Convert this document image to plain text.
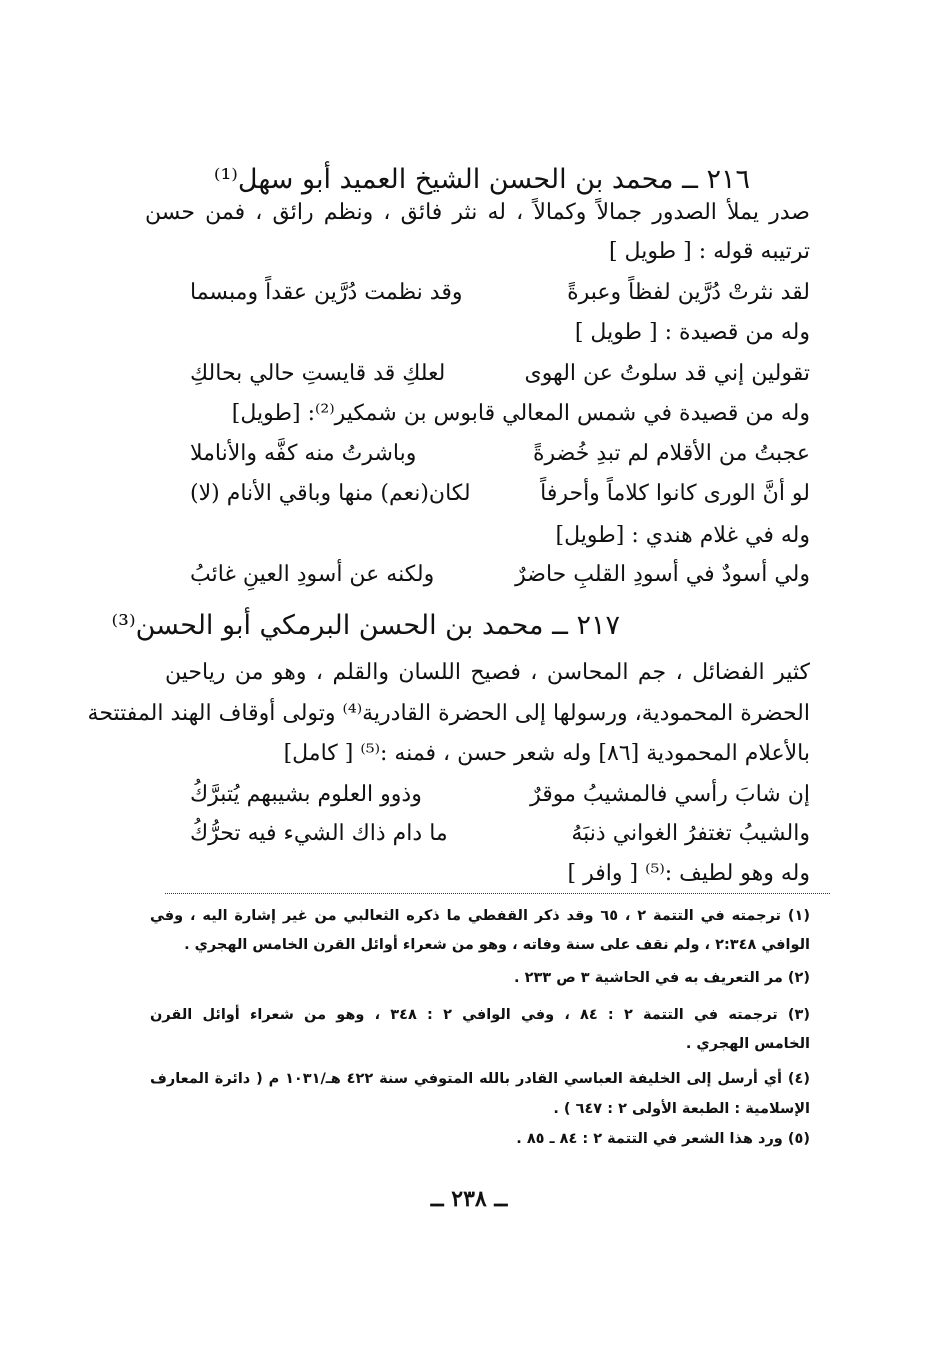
٢١٦ ــ محمد بن الحسن الشيخ العميد أبو سهل⁽¹⁾
صدر يملأ الصدور جمالاً وكمالاً ، له نثر فائق ، ونظم رائق ، فمن حسن
ترتيبه قوله : [ طويل ]
لقد نثرتْ دُرَّين لفظاً وعبرةً
وقد نظمت دُرَّين عقداً ومبسما
وله من قصيدة : [ طويل ]
تقولين إني قد سلوتُ عن الهوى
لعلكِ قد قايستِ حالي بحالكِ
وله من قصيدة في شمس المعالي قابوس بن شمكير⁽²⁾: [طويل]
عجبتُ من الأقلام لم تبدِ خُضرةً
وباشرتُ منه كفَّه والأناملا
لو أنَّ الورى كانوا كلاماً وأحرفاً
لكان(نعم) منها وباقي الأنام (لا)
وله في غلام هندي : [طويل]
ولي أسودٌ في أسودِ القلبِ حاضرٌ
ولكنه عن أسودِ العينِ غائبُ
٢١٧ ــ محمد بن الحسن البرمكي أبو الحسن⁽³⁾
كثير الفضائل ، جم المحاسن ، فصيح اللسان والقلم ، وهو من رياحين
الحضرة المحمودية، ورسولها إلى الحضرة القادرية⁽⁴⁾ وتولى أوقاف الهند المفتتحة
بالأعلام المحمودية [٨٦] وله شعر حسن ، فمنه :⁽⁵⁾ [ كامل]
إن شابَ رأسي فالمشيبُ موقرٌ
وذوو العلوم بشيبهم يُتبرَّكُ
والشيبُ تغتفرُ الغواني ذنبَهُ
ما دام ذاك الشيء فيه تحرُّكُ
وله وهو لطيف :⁽⁵⁾ [ وافر ]
(١) ترجمته في التتمة ٢ ، ٦٥ وقد ذكر القفطي ما ذكره الثعالبي من غير إشارة اليه ، وفي
الوافي ٢:٣٤٨ ، ولم نقف على سنة وفاته ، وهو من شعراء أوائل القرن الخامس الهجري .
(٢) مر التعريف به في الحاشية ٣ ص ٢٣٣ .
(٣) ترجمته في التتمة ٢ : ٨٤ ، وفي الوافي ٢ : ٣٤٨ ، وهو من شعراء أوائل القرن
الخامس الهجري .
(٤) أي أرسل إلى الخليفة العباسي القادر بالله المتوفي سنة ٤٢٢ هـ/١٠٣١ م ( دائرة المعارف
الإسلامية : الطبعة الأولى ٢ : ٦٤٧ ) .
(٥) ورد هذا الشعر في التتمة ٢ : ٨٤ ـ ٨٥ .
ــ ٢٣٨ ــ
